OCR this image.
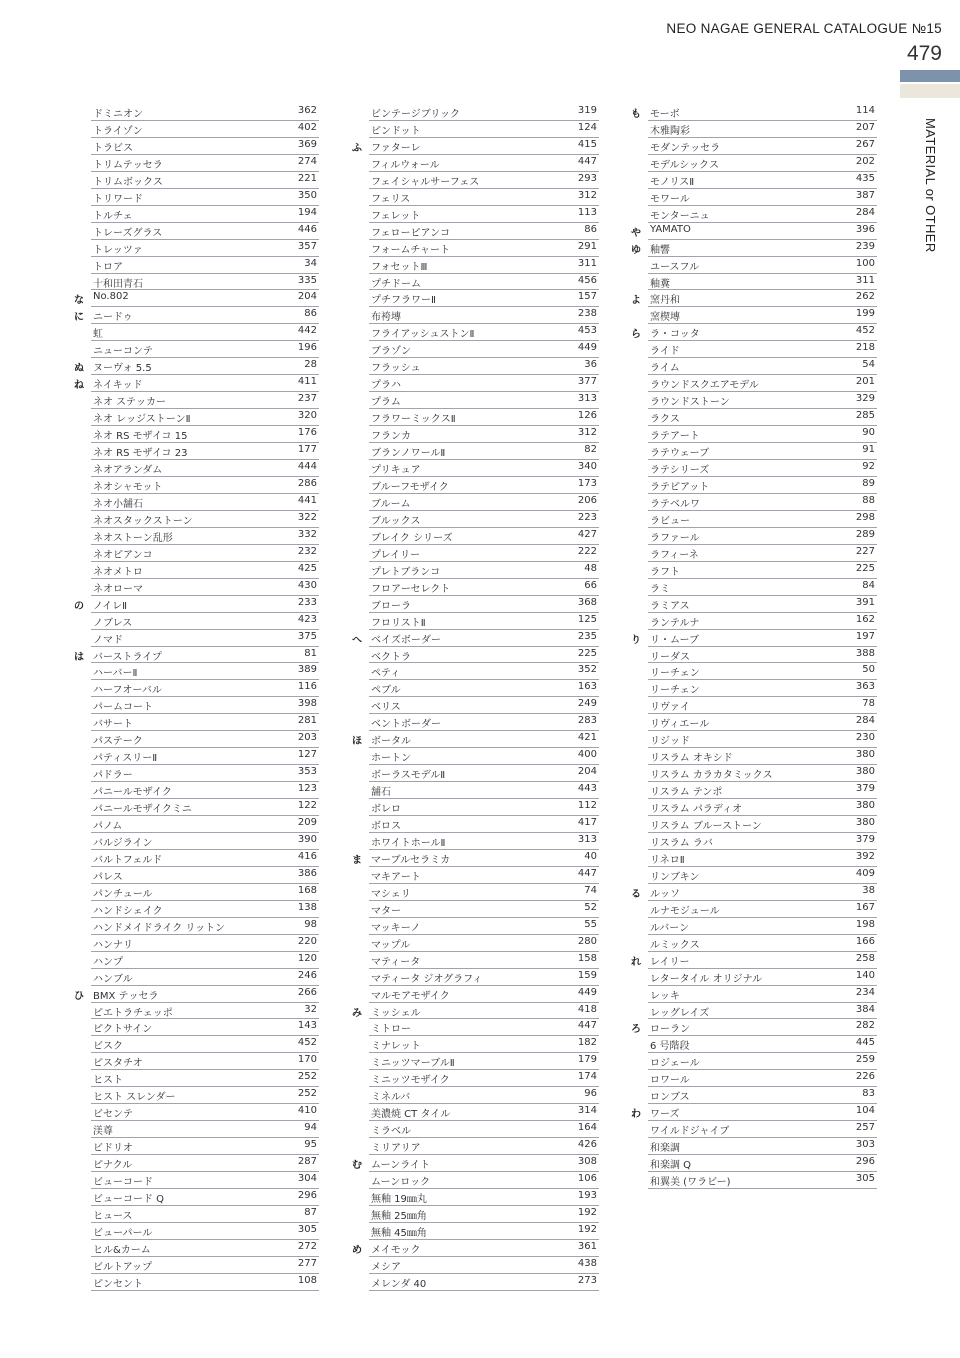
NEO NAGAE GENERAL CATALOGUE №15
479
MATERIAL or OTHER
ドミニオン	362
トライゾン	402
トラビス	369
トリムテッセラ	274
トリムボックス	221
トリワード	350
トルチェ	194
トレーズグラス	446
トレッツァ	357
トロア	34
十和田青石	335
な No.802	204
に ニードゥ	86
虹	442
ニューコンテ	196
ぬ ヌーヴォ 5.5	28
ね ネイキッド	411
ネオ ステッカー	237
ネオ レッジストーンⅡ	320
ネオ RS モザイコ 15	176
ネオ RS モザイコ 23	177
ネオアランダム	444
ネオシャモット	286
ネオ小舗石	441
ネオスタックストーン	322
ネオストーン乱形	332
ネオピアンコ	232
ネオメトロ	425
ネオローマ	430
の ノイレⅡ	233
ノブレス	423
ノマド	375
は バーストライプ	81
ハーバーⅡ	389
ハーフオーバル	116
パームコート	398
バサート	281
パステーク	203
パティスリーⅡ	127
パドラー	353
パニールモザイク	123
パニールモザイクミニ	122
パノム	209
バルジライン	390
バルトフェルド	416
パレス	386
パンチュール	168
ハンドシェイク	138
ハンドメイドライク リットン	98
ハンナリ	220
ハンプ	120
ハンブル	246
ひ BMX テッセラ	266
ピエトラチェッポ	32
ピクトサイン	143
ビスク	452
ピスタチオ	170
ヒスト	252
ヒスト スレンダー	252
ビセンテ	410
渼尊	94
ビドリオ	95
ピナクル	287
ビューコード	304
ビューコード Q	296
ヒュース	87
ビューパール	305
ヒル&カーム	272
ビルトアップ	277
ピンセント	108
ビンテージブリック	319
ピンドット	124
ふ ファターレ	415
フィルウォール	447
フェイシャルサーフェス	293
フェリス	312
フェレット	113
フェローピアンコ	86
フォームチャート	291
フォセットⅢ	311
プチドーム	456
プチフラワーⅡ	157
布袴塼	238
フライアッシュストンⅡ	453
ブラゾン	449
フラッシュ	36
プラハ	377
プラム	313
フラワーミックスⅡ	126
フランカ	312
ブランノワールⅡ	82
プリキュア	340
ブルーフモザイク	173
ブルーム	206
ブルックス	223
ブレイク シリーズ	427
プレイリー	222
プレトブランコ	48
フロアーセレクト	66
ブローラ	368
フロリストⅡ	125
へ ベイズボーダー	235
ベクトラ	225
ペティ	352
ペブル	163
ベリス	249
ベントボーダー	283
ほ ボータル	421
ホートン	400
ボーラスモデルⅡ	204
舗石	443
ボレロ	112
ボロス	417
ホワイトホールⅡ	313
ま マーブルセラミカ	40
マキアート	447
マシェリ	74
マター	52
マッキーノ	55
マップル	280
マティータ	158
マティータ ジオグラフィ	159
マルモアモザイク	449
み ミッシェル	418
ミトロー	447
ミナレット	182
ミニッツマーブルⅡ	179
ミニッツモザイク	174
ミネルバ	96
美濃焼 CT タイル	314
ミラベル	164
ミリアリア	426
む ムーンライト	308
ムーンロック	106
無釉 19㎜丸	193
無釉 25㎜角	192
無釉 45㎜角	192
め メイモック	361
メシア	438
メレンダ 40	273
も モーボ	114
木雅陶彩	207
モダンテッセラ	267
モデルシックス	202
モノリスⅡ	435
モワール	387
モンターニュ	284
や YAMATO	396
ゆ 釉響	239
ユースフル	100
釉糞	311
よ 窯丹和	262
窯楔塼	199
ら ラ・コッタ	452
ライド	218
ライム	54
ラウンドスクエアモデル	201
ラウンドストーン	329
ラクス	285
ラテアート	90
ラテウェーブ	91
ラテシリーズ	92
ラテピアット	89
ラテベルワ	88
ラビュー	298
ラファール	289
ラフィーネ	227
ラフト	225
ラミ	84
ラミアス	391
ランテルナ	162
り リ・ムーブ	197
リーダス	388
リーチェン	50
リーチェン	363
リヴァイ	78
リヴィエール	284
リジッド	230
リスラム オキシド	380
リスラム カラカタミックス	380
リスラム テンポ	379
リスラム パラディオ	380
リスラム ブルーストーン	380
リスラム ラバ	379
リネロⅡ	392
リンブキン	409
る ルッソ	38
ルナモジュール	167
ルバーン	198
ルミックス	166
れ レイリー	258
レタータイル オリジナル	140
レッキ	234
レッグレイズ	384
ろ ローラン	282
6 号階段	445
ロジェール	259
ロワール	226
ロンブス	83
わ ワーズ	104
ワイルドジャイブ	257
和楽調	303
和楽調 Q	296
和翼美 (ワラビー)	305
